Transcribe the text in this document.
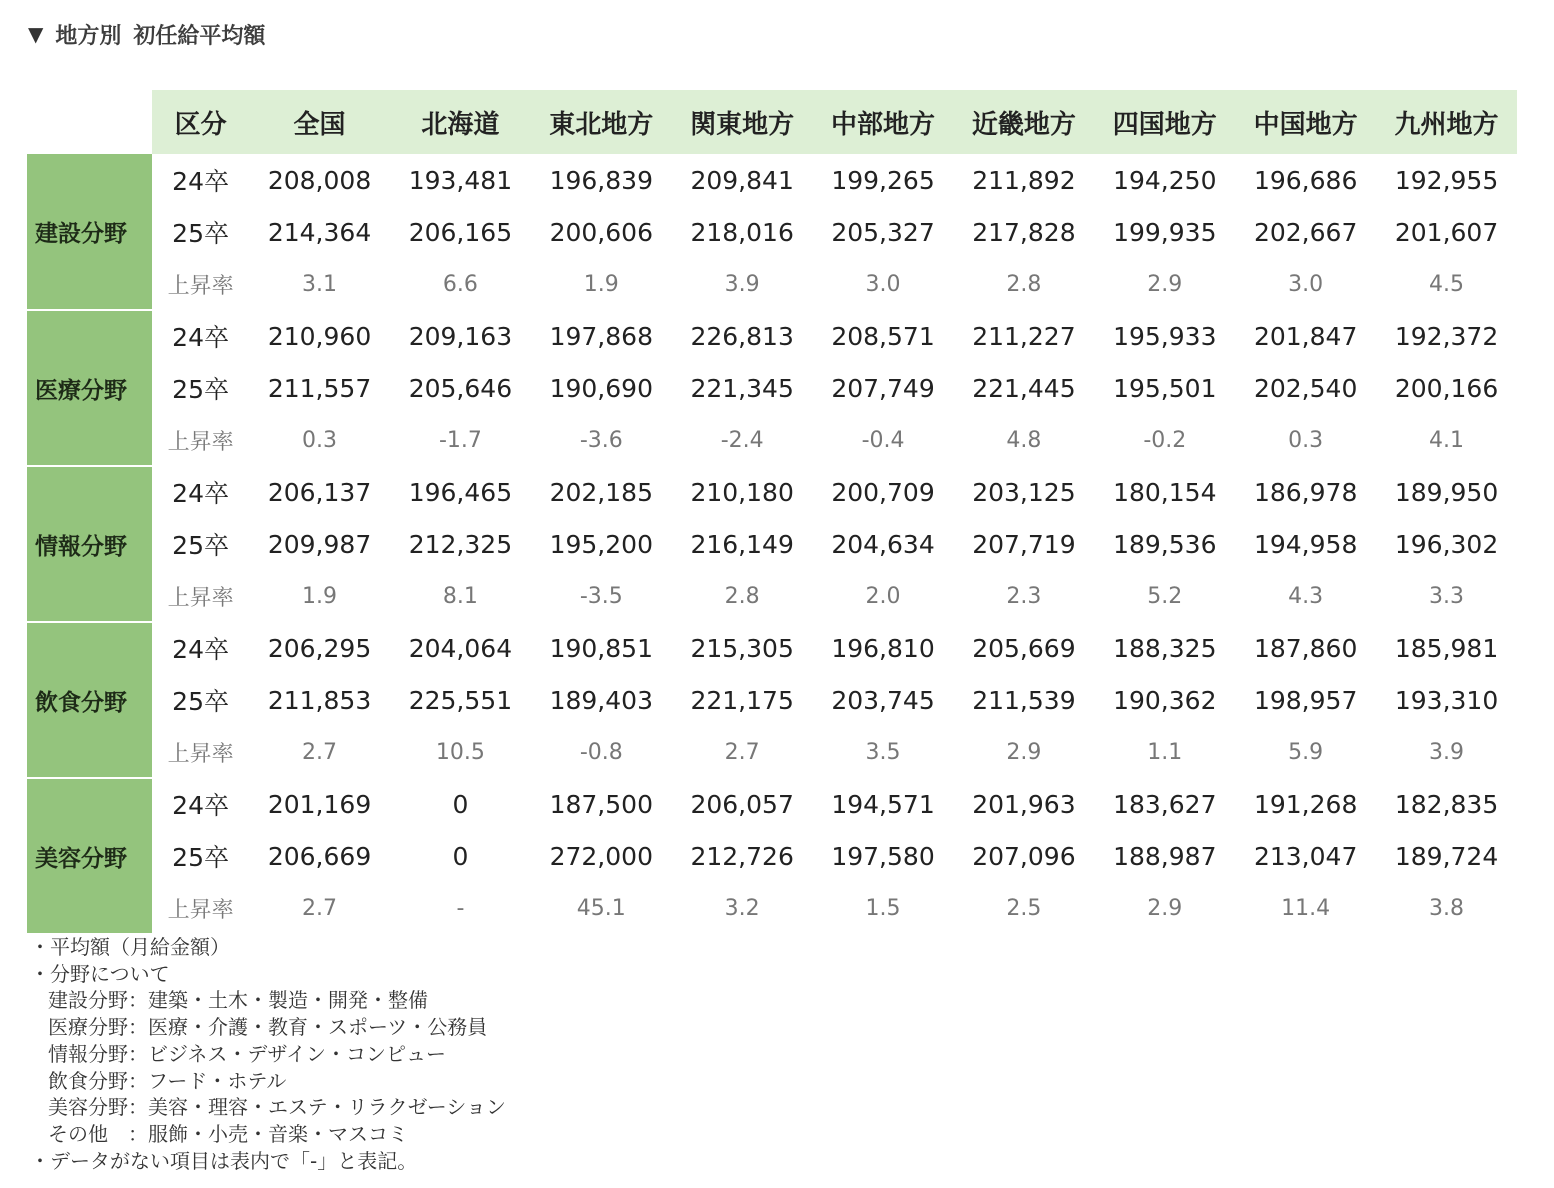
▼ 地方別 初任給平均額
	区分	全国	北海道	東北地方	関東地方	中部地方	近畿地方	四国地方	中国地方	九州地方
建設分野	24卒	208,008	193,481	196,839	209,841	199,265	211,892	194,250	196,686	192,955
	25卒	214,364	206,165	200,606	218,016	205,327	217,828	199,935	202,667	201,607
	上昇率	3.1	6.6	1.9	3.9	3.0	2.8	2.9	3.0	4.5
医療分野	24卒	210,960	209,163	197,868	226,813	208,571	211,227	195,933	201,847	192,372
	25卒	211,557	205,646	190,690	221,345	207,749	221,445	195,501	202,540	200,166
	上昇率	0.3	-1.7	-3.6	-2.4	-0.4	4.8	-0.2	0.3	4.1
情報分野	24卒	206,137	196,465	202,185	210,180	200,709	203,125	180,154	186,978	189,950
	25卒	209,987	212,325	195,200	216,149	204,634	207,719	189,536	194,958	196,302
	上昇率	1.9	8.1	-3.5	2.8	2.0	2.3	5.2	4.3	3.3
飲食分野	24卒	206,295	204,064	190,851	215,305	196,810	205,669	188,325	187,860	185,981
	25卒	211,853	225,551	189,403	221,175	203,745	211,539	190,362	198,957	193,310
	上昇率	2.7	10.5	-0.8	2.7	3.5	2.9	1.1	5.9	3.9
美容分野	24卒	201,169	0	187,500	206,057	194,571	201,963	183,627	191,268	182,835
	25卒	206,669	0	272,000	212,726	197,580	207,096	188,987	213,047	189,724
	上昇率	2.7	-	45.1	3.2	1.5	2.5	2.9	11.4	3.8
・平均額（月給金額）
・分野について
建設分野：建築・土木・製造・開発・整備
医療分野：医療・介護・教育・スポーツ・公務員
情報分野：ビジネス・デザイン・コンピュー
飲食分野：フード・ホテル
美容分野：美容・理容・エステ・リラクゼーション
その他　：服飾・小売・音楽・マスコミ
・データがない項目は表内で「-」と表記。
